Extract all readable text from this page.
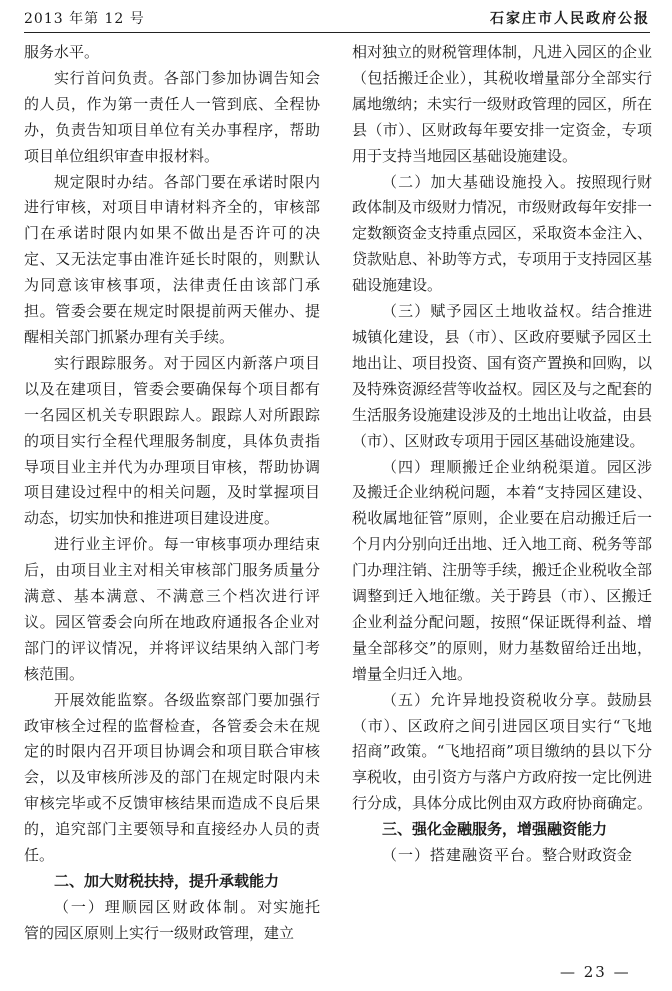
2013 年第 12 号	石家庄市人民政府公报

服务水平。

实行首问负责。各部门参加协调告知会的人员，作为第一责任人一管到底、全程协办，负责告知项目单位有关办事程序，帮助项目单位组织审查申报材料。

规定限时办结。各部门要在承诺时限内进行审核，对项目申请材料齐全的，审核部门在承诺时限内如果不做出是否许可的决定、又无法定事由准许延长时限的，则默认为同意该审核事项，法律责任由该部门承担。管委会要在规定时限提前两天催办、提醒相关部门抓紧办理有关手续。

实行跟踪服务。对于园区内新落户项目以及在建项目，管委会要确保每个项目都有一名园区机关专职跟踪人。跟踪人对所跟踪的项目实行全程代理服务制度，具体负责指导项目业主并代为办理项目审核，帮助协调项目建设过程中的相关问题，及时掌握项目动态，切实加快和推进项目建设进度。

进行业主评价。每一审核事项办理结束后，由项目业主对相关审核部门服务质量分满意、基本满意、不满意三个档次进行评议。园区管委会向所在地政府通报各企业对部门的评议情况，并将评议结果纳入部门考核范围。

开展效能监察。各级监察部门要加强行政审核全过程的监督检查，各管委会未在规定的时限内召开项目协调会和项目联合审核会，以及审核所涉及的部门在规定时限内未审核完毕或不反馈审核结果而造成不良后果的，追究部门主要领导和直接经办人员的责任。

二、加大财税扶持，提升承载能力

（一）理顺园区财政体制。对实施托管的园区原则上实行一级财政管理，建立

相对独立的财税管理体制，凡进入园区的企业（包括搬迁企业），其税收增量部分全部实行属地缴纳；未实行一级财政管理的园区，所在县（市）、区财政每年要安排一定资金，专项用于支持当地园区基础设施建设。

（二）加大基础设施投入。按照现行财政体制及市级财力情况，市级财政每年安排一定数额资金支持重点园区，采取资本金注入、贷款贴息、补助等方式，专项用于支持园区基础设施建设。

（三）赋予园区土地收益权。结合推进城镇化建设，县（市）、区政府要赋予园区土地出让、项目投资、国有资产置换和回购，以及特殊资源经营等收益权。园区及与之配套的生活服务设施建设涉及的土地出让收益，由县（市）、区财政专项用于园区基础设施建设。

（四）理顺搬迁企业纳税渠道。园区涉及搬迁企业纳税问题，本着“支持园区建设、税收属地征管”原则，企业要在启动搬迁后一个月内分别向迁出地、迁入地工商、税务等部门办理注销、注册等手续，搬迁企业税收全部调整到迁入地征缴。关于跨县（市）、区搬迁企业利益分配问题，按照“保证既得利益、增量全部移交”的原则，财力基数留给迁出地，增量全归迁入地。

（五）允许异地投资税收分享。鼓励县（市）、区政府之间引进园区项目实行“飞地招商”政策。“飞地招商”项目缴纳的县以下分享税收，由引资方与落户方政府按一定比例进行分成，具体分成比例由双方政府协商确定。

三、强化金融服务，增强融资能力

（一）搭建融资平台。整合财政资金

— 23 —
